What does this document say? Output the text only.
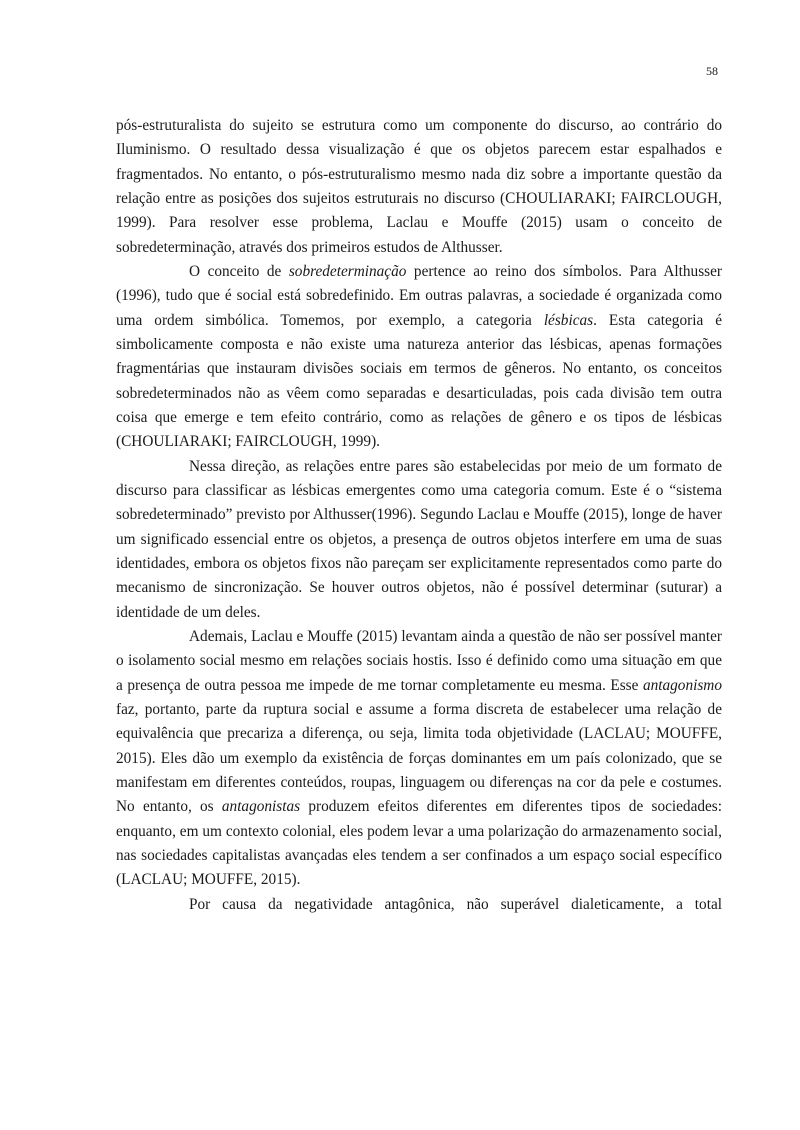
58

pós-estruturalista do sujeito se estrutura como um componente do discurso, ao contrário do Iluminismo. O resultado dessa visualização é que os objetos parecem estar espalhados e fragmentados. No entanto, o pós-estruturalismo mesmo nada diz sobre a importante questão da relação entre as posições dos sujeitos estruturais no discurso (CHOULIARAKI; FAIRCLOUGH, 1999). Para resolver esse problema, Laclau e Mouffe (2015) usam o conceito de sobredeterminação, através dos primeiros estudos de Althusser.

O conceito de sobredeterminação pertence ao reino dos símbolos. Para Althusser (1996), tudo que é social está sobredefinido. Em outras palavras, a sociedade é organizada como uma ordem simbólica. Tomemos, por exemplo, a categoria lésbicas. Esta categoria é simbolicamente composta e não existe uma natureza anterior das lésbicas, apenas formações fragmentárias que instauram divisões sociais em termos de gêneros. No entanto, os conceitos sobredeterminados não as vêem como separadas e desarticuladas, pois cada divisão tem outra coisa que emerge e tem efeito contrário, como as relações de gênero e os tipos de lésbicas (CHOULIARAKI; FAIRCLOUGH, 1999).

Nessa direção, as relações entre pares são estabelecidas por meio de um formato de discurso para classificar as lésbicas emergentes como uma categoria comum. Este é o “sistema sobredeterminado” previsto por Althusser(1996). Segundo Laclau e Mouffe (2015), longe de haver um significado essencial entre os objetos, a presença de outros objetos interfere em uma de suas identidades, embora os objetos fixos não pareçam ser explicitamente representados como parte do mecanismo de sincronização. Se houver outros objetos, não é possível determinar (suturar) a identidade de um deles.

Ademais, Laclau e Mouffe (2015) levantam ainda a questão de não ser possível manter o isolamento social mesmo em relações sociais hostis. Isso é definido como uma situação em que a presença de outra pessoa me impede de me tornar completamente eu mesma. Esse antagonismo faz, portanto, parte da ruptura social e assume a forma discreta de estabelecer uma relação de equivalência que precariza a diferença, ou seja, limita toda objetividade (LACLAU; MOUFFE, 2015). Eles dão um exemplo da existência de forças dominantes em um país colonizado, que se manifestam em diferentes conteúdos, roupas, linguagem ou diferenças na cor da pele e costumes. No entanto, os antagonistas produzem efeitos diferentes em diferentes tipos de sociedades: enquanto, em um contexto colonial, eles podem levar a uma polarização do armazenamento social, nas sociedades capitalistas avançadas eles tendem a ser confinados a um espaço social específico (LACLAU; MOUFFE, 2015).

Por causa da negatividade antagônica, não superável dialeticamente, a total
